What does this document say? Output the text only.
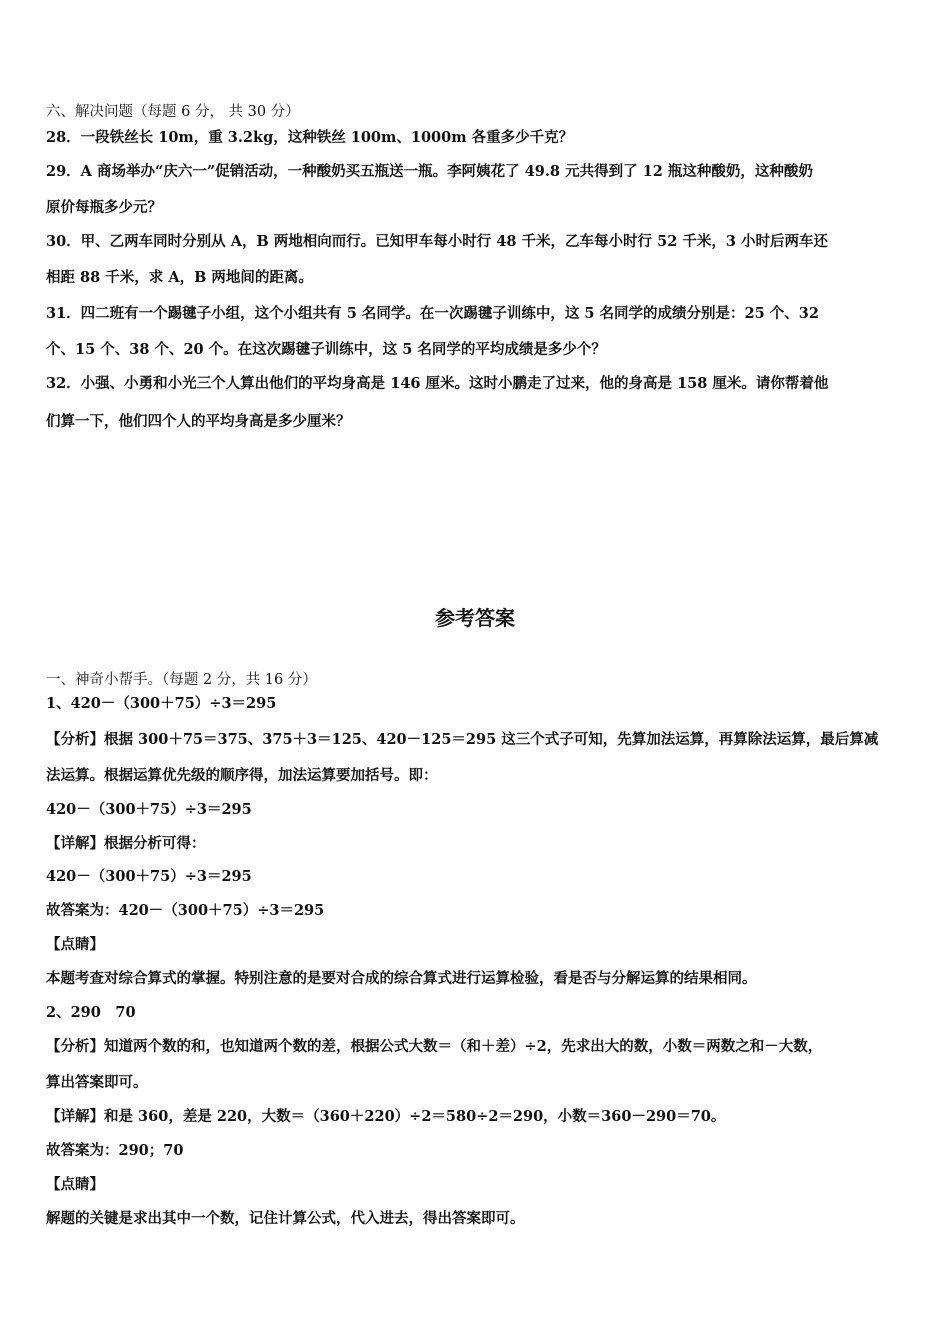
六、解决问题（每题 6 分， 共 30 分）
28．一段铁丝长 10m，重 3.2kg，这种铁丝 100m、1000m 各重多少千克？
29．A 商场举办“庆六一”促销活动，一种酸奶买五瓶送一瓶。李阿姨花了 49.8 元共得到了 12 瓶这种酸奶，这种酸奶
原价每瓶多少元？
30．甲、乙两车同时分别从 A，B 两地相向而行。已知甲车每小时行 48 千米，乙车每小时行 52 千米，3 小时后两车还
相距 88 千米，求 A，B 两地间的距离。
31．四二班有一个踢毽子小组，这个小组共有 5 名同学。在一次踢毽子训练中，这 5 名同学的成绩分别是：25 个、32
个、15 个、38 个、20 个。在这次踢毽子训练中，这 5 名同学的平均成绩是多少个？
32．小强、小勇和小光三个人算出他们的平均身高是 146 厘米。这时小鹏走了过来，他的身高是 158 厘米。请你帮着他
们算一下，他们四个人的平均身高是多少厘米？
参考答案
一、神奇小帮手。（每题 2 分，共 16 分）
1、420－（300＋75）÷3＝295
【分析】根据 300＋75＝375、375＋3＝125、420－125＝295 这三个式子可知，先算加法运算，再算除法运算，最后算减
法运算。根据运算优先级的顺序得，加法运算要加括号。即：
420－（300＋75）÷3＝295
【详解】根据分析可得：
420－（300＋75）÷3＝295
故答案为：420－（300＋75）÷3＝295
【点睛】
本题考查对综合算式的掌握。特别注意的是要对合成的综合算式进行运算检验，看是否与分解运算的结果相同。
2、290　70
【分析】知道两个数的和，也知道两个数的差，根据公式大数＝（和＋差）÷2，先求出大的数，小数＝两数之和－大数，
算出答案即可。
【详解】和是 360，差是 220，大数＝（360＋220）÷2＝580÷2＝290，小数＝360－290＝70。
故答案为：290；70
【点睛】
解题的关键是求出其中一个数，记住计算公式，代入进去，得出答案即可。
